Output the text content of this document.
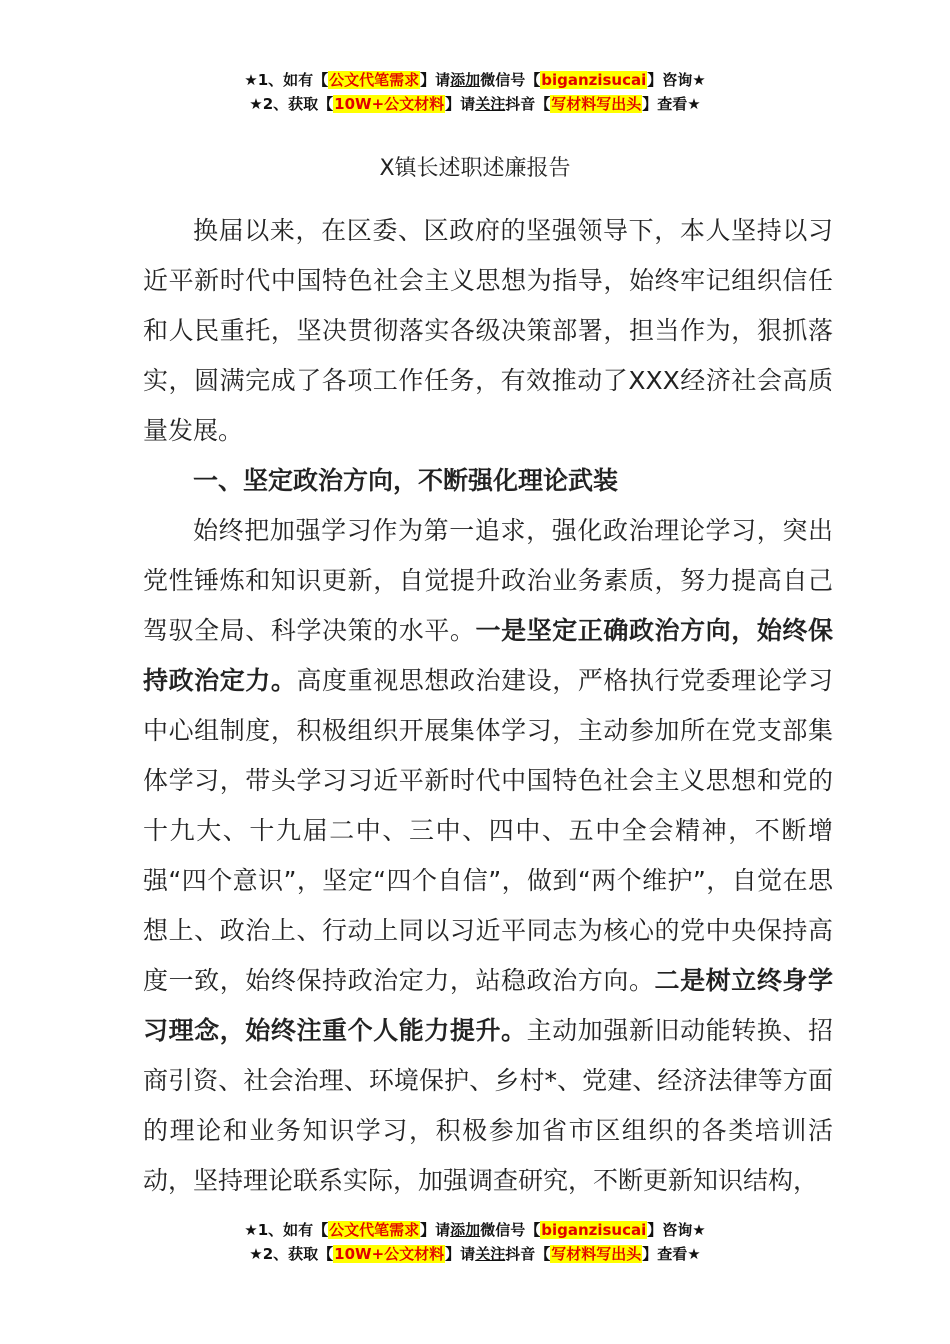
★1、如有【公文代笔需求】请添加微信号【biganzisucai】咨询★
★2、获取【10W+公文材料】请关注抖音【写材料写出头】查看★
X镇长述职述廉报告

换届以来，在区委、区政府的坚强领导下，本人坚持以习近平新时代中国特色社会主义思想为指导，始终牢记组织信任和人民重托，坚决贯彻落实各级决策部署，担当作为，狠抓落实，圆满完成了各项工作任务，有效推动了XXX经济社会高质量发展。

一、坚定政治方向，不断强化理论武装

始终把加强学习作为第一追求，强化政治理论学习，突出党性锤炼和知识更新，自觉提升政治业务素质，努力提高自己驾驭全局、科学决策的水平。一是坚定正确政治方向，始终保持政治定力。高度重视思想政治建设，严格执行党委理论学习中心组制度，积极组织开展集体学习，主动参加所在党支部集体学习，带头学习习近平新时代中国特色社会主义思想和党的十九大、十九届二中、三中、四中、五中全会精神，不断增强“四个意识”，坚定“四个自信”，做到“两个维护”，自觉在思想上、政治上、行动上同以习近平同志为核心的党中央保持高度一致，始终保持政治定力，站稳政治方向。二是树立终身学习理念，始终注重个人能力提升。主动加强新旧动能转换、招商引资、社会治理、环境保护、乡村*、党建、经济法律等方面的理论和业务知识学习，积极参加省市区组织的各类培训活动，坚持理论联系实际，加强调查研究，不断更新知识结构，

★1、如有【公文代笔需求】请添加微信号【biganzisucai】咨询★
★2、获取【10W+公文材料】请关注抖音【写材料写出头】查看★
